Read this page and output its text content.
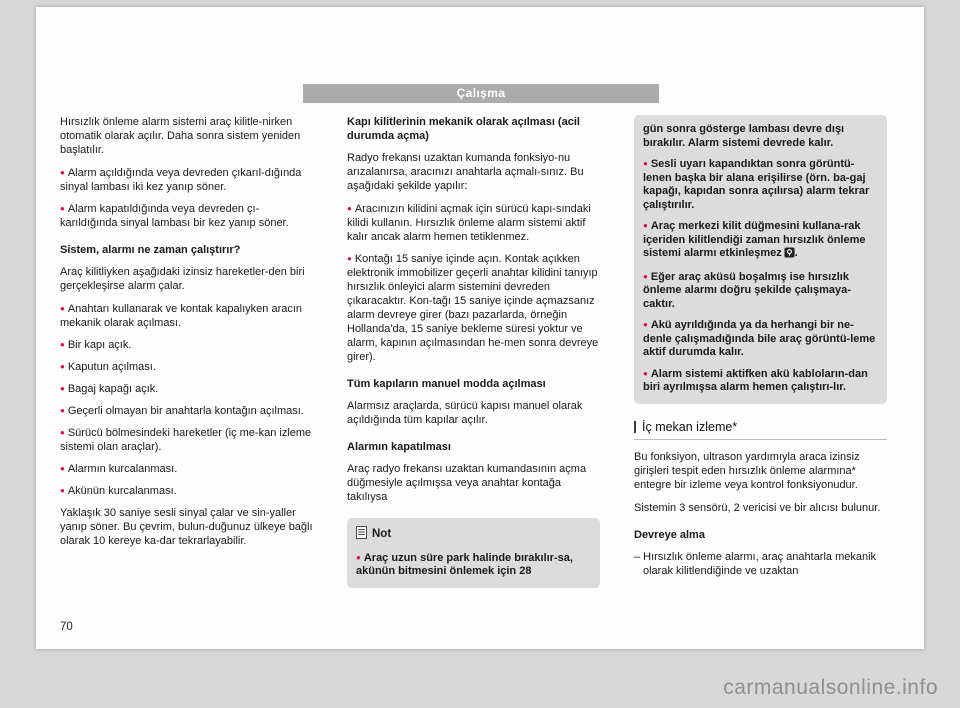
Çalışma

Hırsızlık önleme alarm sistemi araç kilitle-nirken otomatik olarak açılır. Daha sonra sistem yeniden başlatılır.

● Alarm açıldığında veya devreden çıkarıl-dığında sinyal lambası iki kez yanıp söner.

● Alarm kapatıldığında veya devreden çı-karıldığında sinyal lambası bir kez yanıp söner.

Sistem, alarmı ne zaman çalıştırır?

Araç kilitliyken aşağıdaki izinsiz hareketler-den biri gerçekleşirse alarm çalar.

● Anahtarı kullanarak ve kontak kapalıyken aracın mekanik olarak açılması.

● Bir kapı açık.

● Kaputun açılması.

● Bagaj kapağı açık.

● Geçerli olmayan bir anahtarla kontağın açılması.

● Sürücü bölmesindeki hareketler (iç me-kan izleme sistemi olan araçlar).

● Alarmın kurcalanması.

● Akünün kurcalanması.

Yaklaşık 30 saniye sesli sinyal çalar ve sin-yaller yanıp söner. Bu çevrim, bulun-duğunuz ülkeye bağlı olarak 10 kereye ka-dar tekrarlayabilir.

Kapı kilitlerinin mekanik olarak açılması (acil durumda açma)

Radyo frekansı uzaktan kumanda fonksiyo-nu arızalanırsa, aracınızı anahtarla açmalı-sınız. Bu aşağıdaki şekilde yapılır:

● Aracınızın kilidini açmak için sürücü kapı-sındaki kilidi kullanın. Hırsızlık önleme alarm sistemi aktif kalır ancak alarm hemen tetiklenmez.

● Kontağı 15 saniye içinde açın. Kontak açıkken elektronik immobilizer geçerli anahtar kilidini tanıyıp hırsızlık önleyici alarm sistemini devreden çıkaracaktır. Kon-tağı 15 saniye içinde açmazsanız alarm devreye girer (bazı pazarlarda, örneğin Hollanda'da, 15 saniye bekleme süresi yoktur ve alarm, kapının açılmasından he-men sonra devreye girer).

Tüm kapıların manuel modda açılması

Alarmsız araçlarda, sürücü kapısı manuel olarak açıldığında tüm kapılar açılır.

Alarmın kapatılması

Araç radyo frekansı uzaktan kumandasının açma düğmesiyle açılmışsa veya anahtar kontağa takılıysa

Not

● Araç uzun süre park halinde bırakılır-sa, akünün bitmesini önlemek için 28

gün sonra gösterge lambası devre dışı bırakılır. Alarm sistemi devrede kalır.

● Sesli uyarı kapandıktan sonra görüntü-lenen başka bir alana erişilirse (örn. ba-gaj kapağı, kapıdan sonra açılırsa) alarm tekrar çalıştırılır.

● Araç merkezi kilit düğmesini kullana-rak içeriden kilitlendiği zaman hırsızlık önleme sistemi alarmı etkinleşmez .

● Eğer araç aküsü boşalmış ise hırsızlık önleme alarmı doğru şekilde çalışmaya-caktır.

● Akü ayrıldığında ya da herhangi bir ne-denle çalışmadığında bile araç görüntü-leme aktif durumda kalır.

● Alarm sistemi aktifken akü kabloların-dan biri ayrılmışsa alarm hemen çalıştırı-lır.

İç mekan izleme*

Bu fonksiyon, ultrason yardımıyla araca izinsiz girişleri tespit eden hırsızlık önleme alarmına* entegre bir izleme veya kontrol fonksiyonudur.

Sistemin 3 sensörü, 2 vericisi ve bir alıcısı bulunur.

Devreye alma

– Hırsızlık önleme alarmı, araç anahtarla mekanik olarak kilitlendiğinde ve uzaktan

70
carmanualsonline.info
